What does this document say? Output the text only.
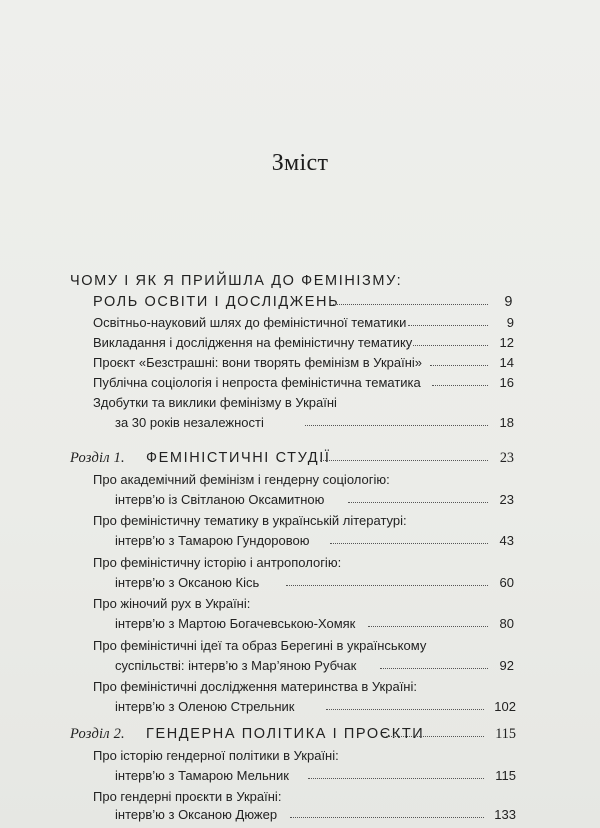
Зміст
ЧОМУ І ЯК Я ПРИЙШЛА ДО ФЕМІНІЗМУ:
РОЛЬ ОСВІТИ І ДОСЛІДЖЕНЬ	9
Освітньо-науковий шлях до феміністичної тематики	9
Викладання і дослідження на феміністичну тематику	12
Проєкт «Безстрашні: вони творять фемінізм в Україні»	14
Публічна соціологія і непроста феміністична тематика	16
Здобутки та виклики фемінізму в Україні
за 30 років незалежності	18
Розділ 1. ФЕМІНІСТИЧНІ СТУДІЇ	23
Про академічний фемінізм і гендерну соціологію:
інтерв’ю із Світланою Оксамитною	23
Про феміністичну тематику в українській літературі:
інтерв’ю з Тамарою Гундоровою	43
Про феміністичну історію і антропологію:
інтерв’ю з Оксаною Кісь	60
Про жіночий рух в Україні:
інтерв’ю з Мартою Богачевською-Хомяк	80
Про феміністичні ідеї та образ Берегині в українському
суспільстві: інтерв’ю з Мар’яною Рубчак	92
Про феміністичні дослідження материнства в Україні:
інтерв’ю з Оленою Стрельник	102
Розділ 2. ГЕНДЕРНА ПОЛІТИКА І ПРОЄКТИ	115
Про історію гендерної політики в Україні:
інтерв’ю з Тамарою Мельник	115
Про гендерні проєкти в Україні:
інтерв’ю з Оксаною Дюжер	133
